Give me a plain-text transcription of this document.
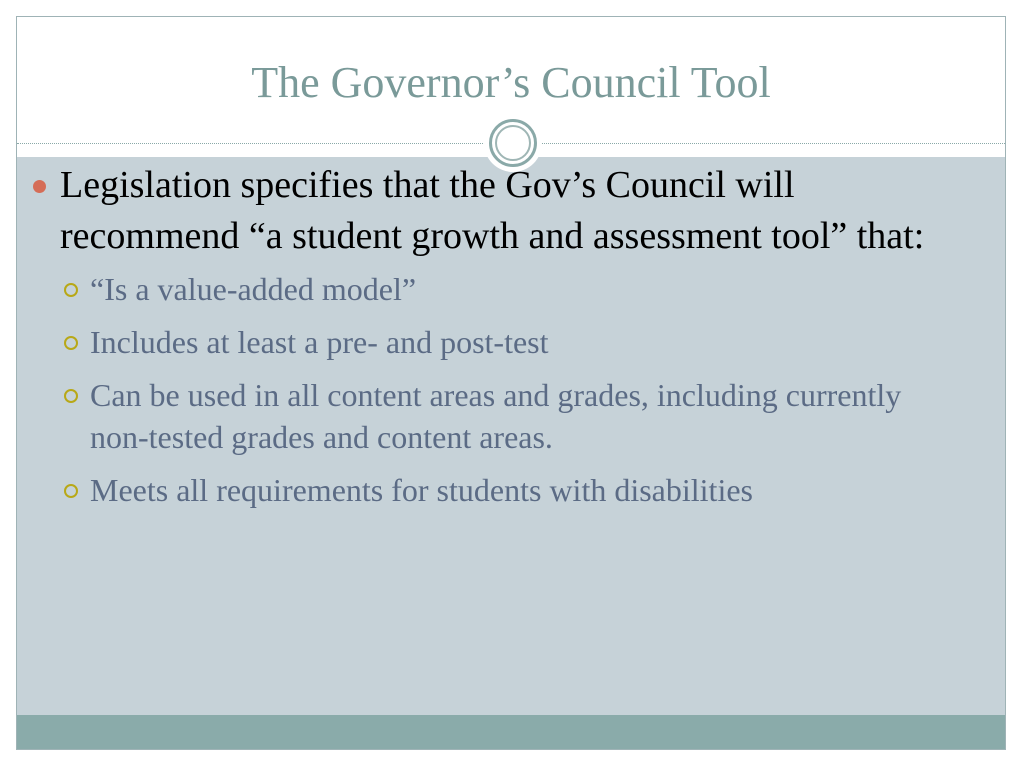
The Governor’s Council Tool

Legislation specifies that the Gov’s Council will recommend “a student growth and assessment tool” that:

“Is a value-added model”

Includes at least a pre- and post-test

Can be used in all content areas and grades, including currently non-tested grades and content areas.

Meets all requirements for students with disabilities
